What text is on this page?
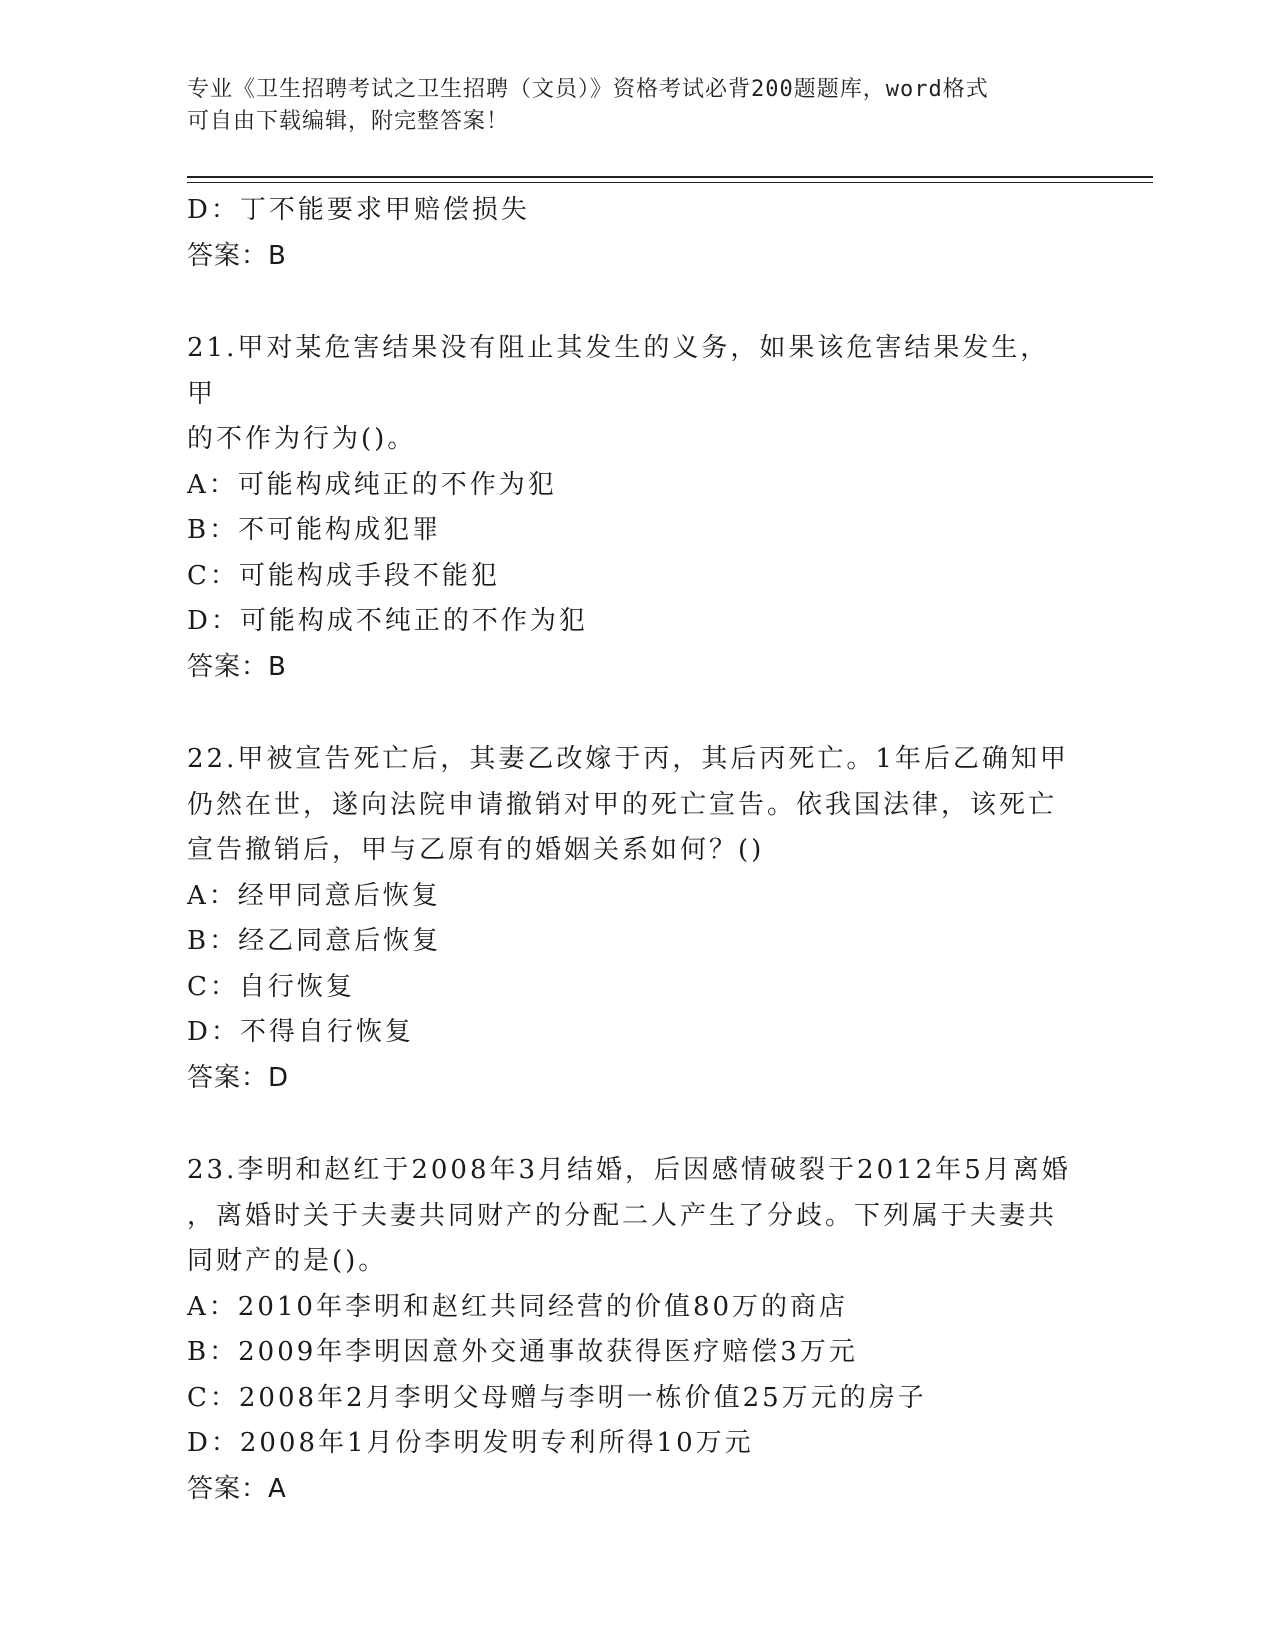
专业《卫生招聘考试之卫生招聘（文员）》资格考试必背200题题库，word格式
可自由下载编辑，附完整答案！
D：丁不能要求甲赔偿损失
答案：B
21.甲对某危害结果没有阻止其发生的义务，如果该危害结果发生，甲
的不作为行为()。
A：可能构成纯正的不作为犯
B：不可能构成犯罪
C：可能构成手段不能犯
D：可能构成不纯正的不作为犯
答案：B
22.甲被宣告死亡后，其妻乙改嫁于丙，其后丙死亡。1年后乙确知甲
仍然在世，遂向法院申请撤销对甲的死亡宣告。依我国法律，该死亡
宣告撤销后，甲与乙原有的婚姻关系如何？()
A：经甲同意后恢复
B：经乙同意后恢复
C：自行恢复
D：不得自行恢复
答案：D
23.李明和赵红于2008年3月结婚，后因感情破裂于2012年5月离婚
，离婚时关于夫妻共同财产的分配二人产生了分歧。下列属于夫妻共
同财产的是()。
A：2010年李明和赵红共同经营的价值80万的商店
B：2009年李明因意外交通事故获得医疗赔偿3万元
C：2008年2月李明父母赠与李明一栋价值25万元的房子
D：2008年1月份李明发明专利所得10万元
答案：A
